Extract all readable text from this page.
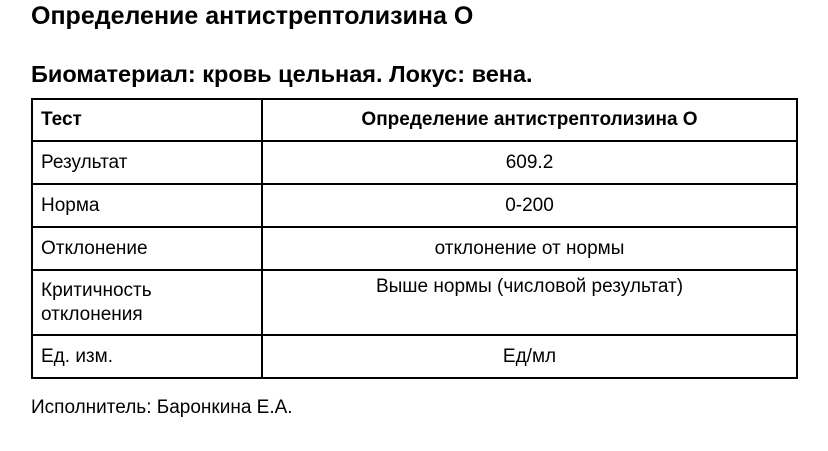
Определение антистрептолизина О
Биоматериал: кровь цельная. Локус: вена.
Тест	Определение антистрептолизина О
Результат	609.2
Норма	0-200
Отклонение	отклонение от нормы
Критичность отклонения	Выше нормы (числовой результат)
Ед. изм.	Ед/мл

Исполнитель: Баронкина Е.А.
